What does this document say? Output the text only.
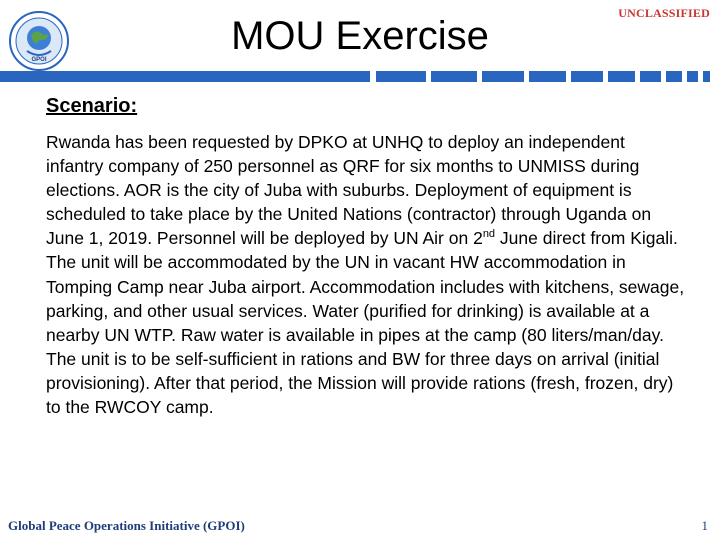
GPOI
UNCLASSIFIED
MOU Exercise
Scenario:
Rwanda has been requested by DPKO at UNHQ to deploy an independent infantry company of 250 personnel as QRF for six months to UNMISS during elections. AOR is the city of Juba with suburbs. Deployment of equipment is scheduled to take place by the United Nations (contractor) through Uganda on June 1, 2019. Personnel will be deployed by UN Air on 2nd June direct from Kigali. The unit will be accommodated by the UN in vacant HW accommodation in Tomping Camp near Juba airport. Accommodation includes with kitchens, sewage, parking, and other usual services. Water (purified for drinking) is available at a nearby UN WTP. Raw water is available in pipes at the camp (80 liters/man/day. The unit is to be self-sufficient in rations and BW for three days on arrival (initial provisioning). After that period, the Mission will provide rations (fresh, frozen, dry) to the RWCOY camp.
Global Peace Operations Initiative (GPOI)	1
